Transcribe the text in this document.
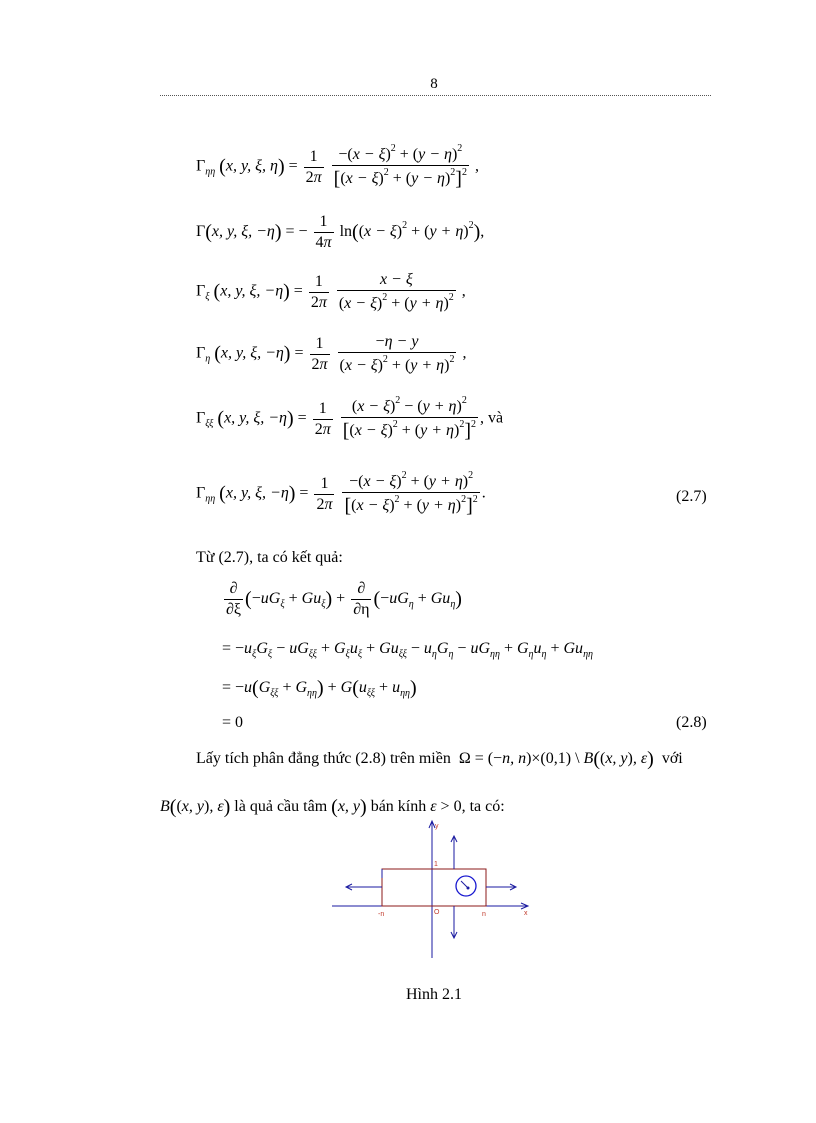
8
$\Gamma_{\eta\eta}$ (x, y, ξ, $\eta) = \frac{1}{2\pi}$
$\frac{-(x - \xi)^2 + (y - \eta)^2}{[(x - \xi)^2 + (y - \eta)^2]^2}$ ,
Γ(x, y, ξ, −η) = − $\frac{1}{4\pi} \ln((x - \xi)^2 + (y + \eta)^2)$,
$\Gamma_\xi$ (x, y, ξ, $-\eta) = \frac{1}{2\pi}$
$\frac{x - \xi}{(x - \xi)^2 + (y + \eta)^2}$ ,
$\Gamma_\eta$ (x, y, ξ, $-\eta) = \frac{1}{2\pi}$
$\frac{-\eta - y}{(x - \xi)^2 + (y + \eta)^2}$ ,
$\Gamma_{\xi\xi}$ (x, y, ξ, $-\eta) = \frac{1}{2\pi}$
$\frac{(x - \xi)^2 - (y + \eta)^2}{[(x - \xi)^2 + (y + \eta)^2]^2}$ , và
$\Gamma_{\eta\eta}$ (x, y, ξ, $-\eta) = \frac{1}{2\pi}$
$\frac{-(x - \xi)^2 + (y + \eta)^2}{[(x - \xi)^2 + (y + \eta)^2]^2}$ .	(2.7)
Từ (2.7), ta có kết quả:
$\frac{\partial}{\partial\xi} (-uG_\xi + Gu_\xi) + \frac{\partial}{\partial\eta} (-uG_\eta + Gu_\eta)$
= $-u_\xi G_\xi - uG_{\xi\xi} + G_\xi u_\xi + Gu_{\xi\xi} - u_\eta G_\eta - uG_{\eta\eta} + G_\eta u_\eta + Gu_{\eta\eta}$
= $-u(G_{\xi\xi} + G_{\eta\eta}) + G(u_{\xi\xi} + u_{\eta\eta})$
= 0	(2.8)
Lấy tích phân đẳng thức (2.8) trên miền Ω = (−n, n)×(0,1) \ B((x, y), ε) với
B((x, y), ε) là quả cầu tâm (x, y) bán kính ε > 0, ta có:
y
x
1
O
-n	n
Hình 2.1
